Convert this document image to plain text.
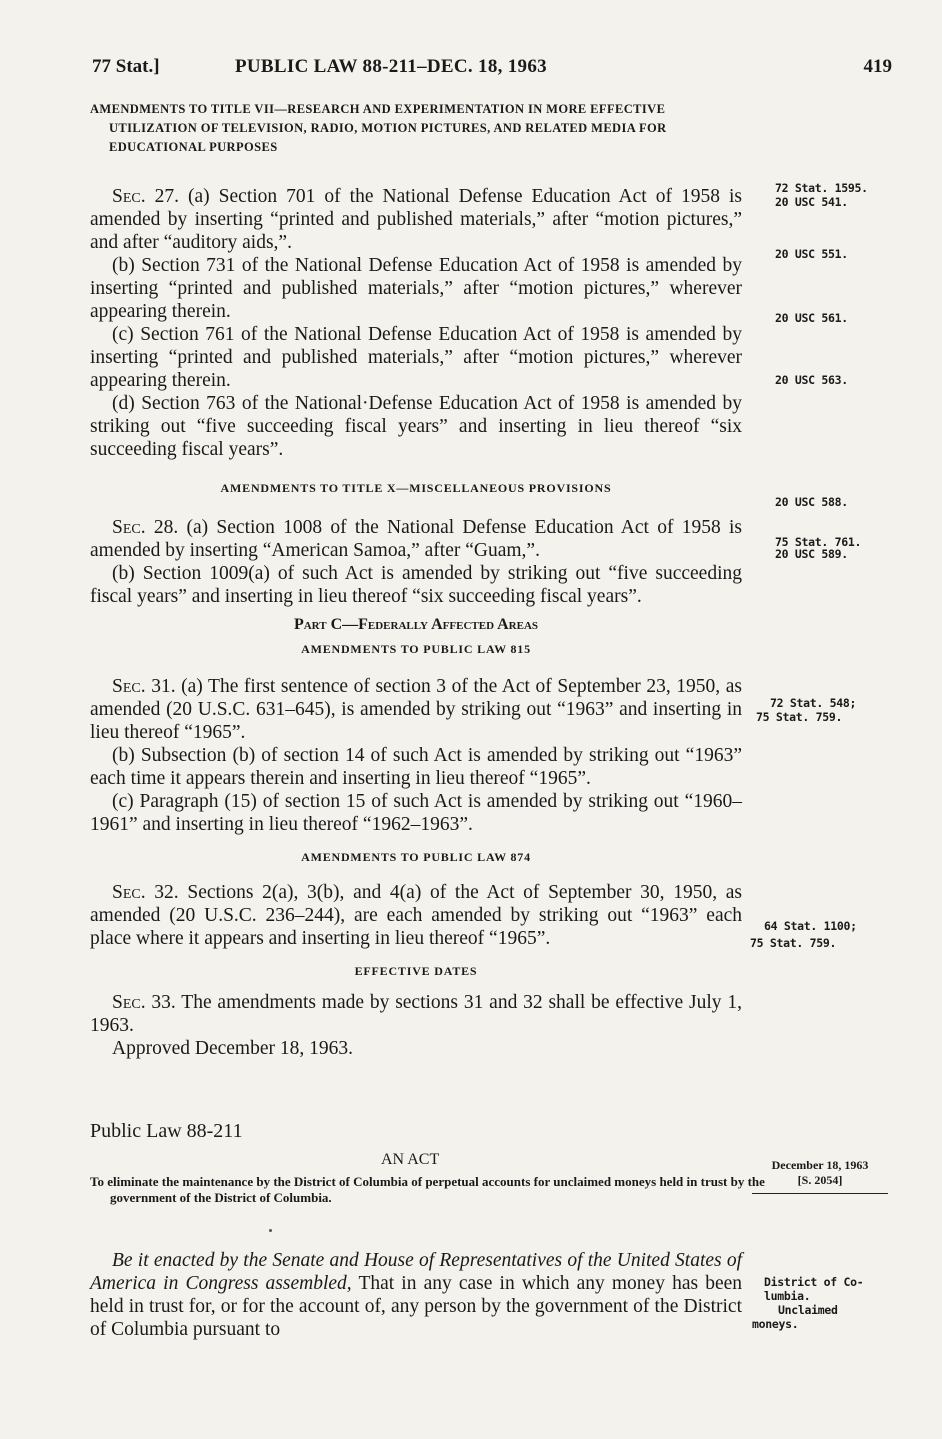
77 Stat.]	PUBLIC LAW 88-211–DEC. 18, 1963	419
AMENDMENTS TO TITLE VII—RESEARCH AND EXPERIMENTATION IN MORE EFFECTIVE UTILIZATION OF TELEVISION, RADIO, MOTION PICTURES, AND RELATED MEDIA FOR EDUCATIONAL PURPOSES

Sec. 27. (a) Section 701 of the National Defense Education Act of 1958 is amended by inserting “printed and published materials,” after “motion pictures,” and after “auditory aids,”.

(b) Section 731 of the National Defense Education Act of 1958 is amended by inserting “printed and published materials,” after “motion pictures,” wherever appearing therein.

(c) Section 761 of the National Defense Education Act of 1958 is amended by inserting “printed and published materials,” after “motion pictures,” wherever appearing therein.

(d) Section 763 of the National·Defense Education Act of 1958 is amended by striking out “five succeeding fiscal years” and inserting in lieu thereof “six succeeding fiscal years”.

AMENDMENTS TO TITLE X—MISCELLANEOUS PROVISIONS

Sec. 28. (a) Section 1008 of the National Defense Education Act of 1958 is amended by inserting “American Samoa,” after “Guam,”.

(b) Section 1009(a) of such Act is amended by striking out “five succeeding fiscal years” and inserting in lieu thereof “six succeeding fiscal years”.

Part C—Federally Affected Areas
AMENDMENTS TO PUBLIC LAW 815

Sec. 31. (a) The first sentence of section 3 of the Act of September 23, 1950, as amended (20 U.S.C. 631–645), is amended by striking out “1963” and inserting in lieu thereof “1965”.

(b) Subsection (b) of section 14 of such Act is amended by striking out “1963” each time it appears therein and inserting in lieu thereof “1965”.

(c) Paragraph (15) of section 15 of such Act is amended by striking out “1960–1961” and inserting in lieu thereof “1962–1963”.

AMENDMENTS TO PUBLIC LAW 874

Sec. 32. Sections 2(a), 3(b), and 4(a) of the Act of September 30, 1950, as amended (20 U.S.C. 236–244), are each amended by striking out “1963” each place where it appears and inserting in lieu thereof “1965”.

EFFECTIVE DATES

Sec. 33. The amendments made by sections 31 and 32 shall be effective July 1, 1963.

Approved December 18, 1963.

72 Stat. 1595.
20 USC 541.
20 USC 551.
20 USC 561.
20 USC 563.
20 USC 588.
75 Stat. 761.
20 USC 589.
72 Stat. 548;
75 Stat. 759.
64 Stat. 1100;
75 Stat. 759.
Public Law 88-211
AN ACT	December 18, 1963
[S. 2054]
To eliminate the maintenance by the District of Columbia of perpetual accounts for unclaimed moneys held in trust by the government of the District of Columbia.

Be it enacted by the Senate and House of Representatives of the United States of America in Congress assembled, That in any case in which any money has been held in trust for, or for the account of, any person by the government of the District of Columbia pursuant to

District of Co-
lumbia.
Unclaimed
moneys.
